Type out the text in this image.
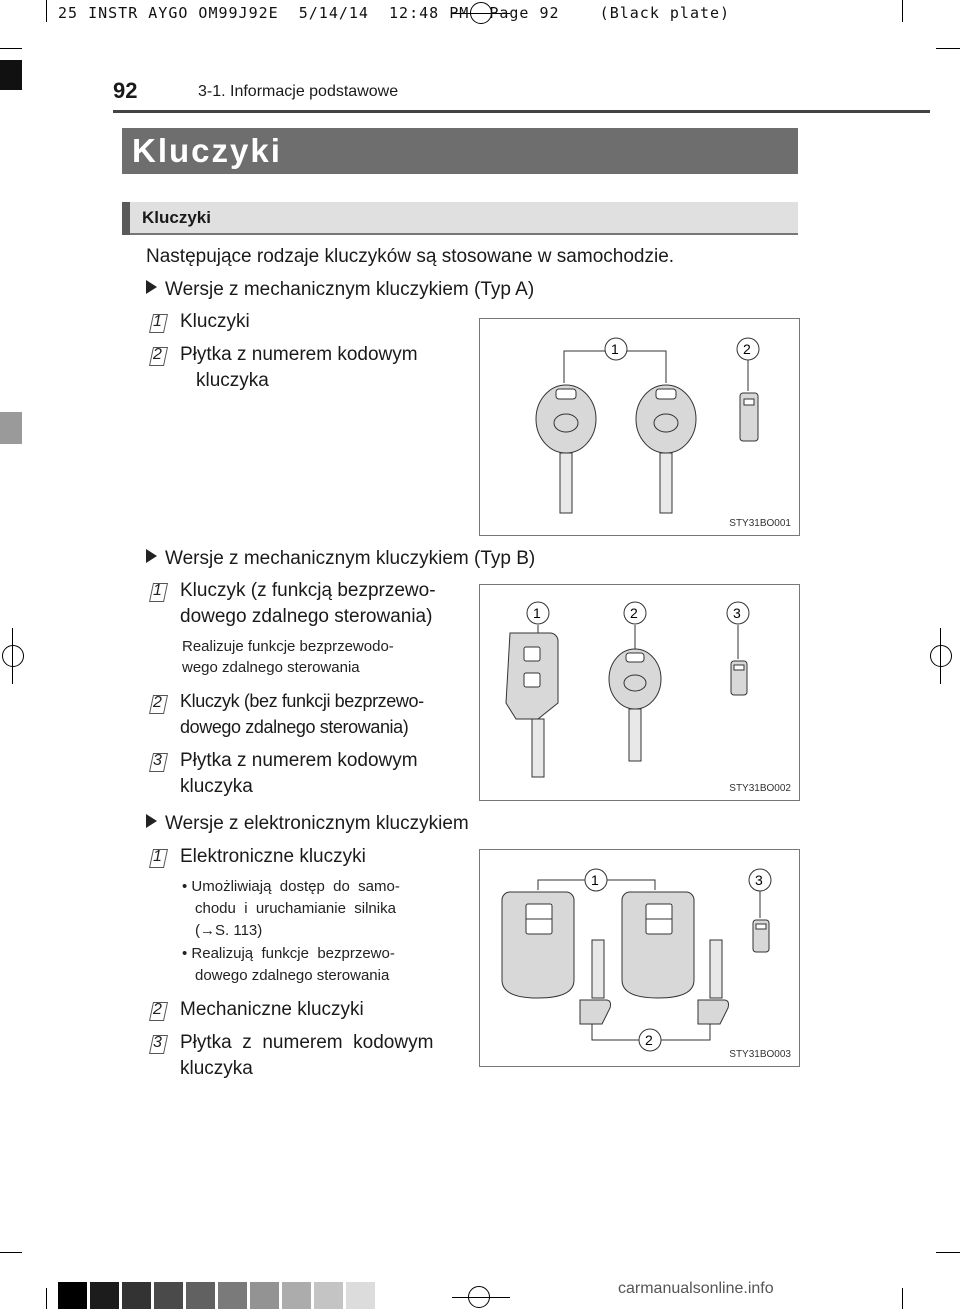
25 INSTR AYGO OM99J92E  5/14/14  12:48 PM  Page 92    (Black plate)
92	3-1. Informacje podstawowe
Kluczyki
Kluczyki
Następujące rodzaje kluczyków są stosowane w samochodzie.
Wersje z mechanicznym kluczykiem (Typ A)
1 Kluczyki
2 Płytka z numerem kodowym
kluczyka
1	2
STY31BO001
Wersje z mechanicznym kluczykiem (Typ B)
1 Kluczyk (z funkcją bezprzewo-
dowego zdalnego sterowania)
Realizuje funkcje bezprzewodo-
wego zdalnego sterowania
2 Kluczyk (bez funkcji bezprzewo-
dowego zdalnego sterowania)
3 Płytka z numerem kodowym
kluczyka
1	2	3
STY31BO002
Wersje z elektronicznym kluczykiem
1 Elektroniczne kluczyki
• Umożliwiają  dostęp  do  samo-
chodu  i  uruchamianie  silnika
(→S. 113)
• Realizują  funkcje  bezprzewo-
dowego zdalnego sterowania
2 Mechaniczne kluczyki
3 Płytka  z  numerem  kodowym
kluczyka
1	3
2
STY31BO003
carmanualsonline.info
